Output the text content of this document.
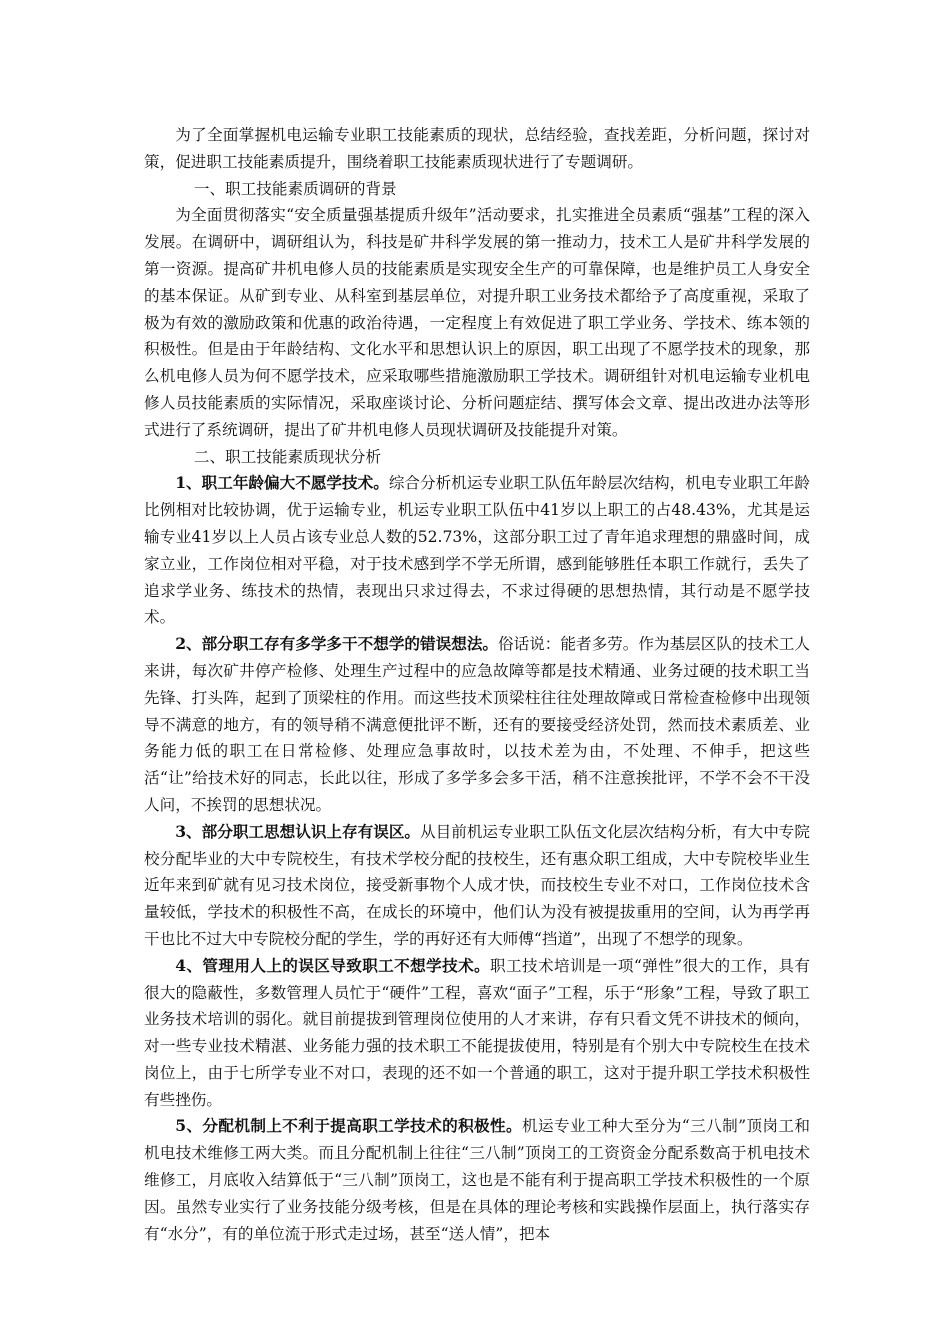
为了全面掌握机电运输专业职工技能素质的现状，总结经验，查找差距，分析问题，探讨对策，促进职工技能素质提升，围绕着职工技能素质现状进行了专题调研。

一、职工技能素质调研的背景

为全面贯彻落实“安全质量强基提质升级年”活动要求，扎实推进全员素质“强基”工程的深入发展。在调研中，调研组认为，科技是矿井科学发展的第一推动力，技术工人是矿井科学发展的第一资源。提高矿井机电修人员的技能素质是实现安全生产的可靠保障，也是维护员工人身安全的基本保证。从矿到专业、从科室到基层单位，对提升职工业务技术都给予了高度重视，采取了极为有效的激励政策和优惠的政治待遇，一定程度上有效促进了职工学业务、学技术、练本领的积极性。但是由于年龄结构、文化水平和思想认识上的原因，职工出现了不愿学技术的现象，那么机电修人员为何不愿学技术，应采取哪些措施激励职工学技术。调研组针对机电运输专业机电修人员技能素质的实际情况，采取座谈讨论、分析问题症结、撰写体会文章、提出改进办法等形式进行了系统调研，提出了矿井机电修人员现状调研及技能提升对策。

二、职工技能素质现状分析

1、职工年龄偏大不愿学技术。综合分析机运专业职工队伍年龄层次结构，机电专业职工年龄比例相对比较协调，优于运输专业，机运专业职工队伍中41岁以上职工的占48.43%，尤其是运输专业41岁以上人员占该专业总人数的52.73%，这部分职工过了青年追求理想的鼎盛时间，成家立业，工作岗位相对平稳，对于技术感到学不学无所谓，感到能够胜任本职工作就行，丢失了追求学业务、练技术的热情，表现出只求过得去，不求过得硬的思想热情，其行动是不愿学技术。

2、部分职工存有多学多干不想学的错误想法。俗话说：能者多劳。作为基层区队的技术工人来讲，每次矿井停产检修、处理生产过程中的应急故障等都是技术精通、业务过硬的技术职工当先锋、打头阵，起到了顶梁柱的作用。而这些技术顶梁柱往往处理故障或日常检查检修中出现领导不满意的地方，有的领导稍不满意便批评不断，还有的要接受经济处罚，然而技术素质差、业务能力低的职工在日常检修、处理应急事故时，以技术差为由，不处理、不伸手，把这些活“让”给技术好的同志，长此以往，形成了多学多会多干活，稍不注意挨批评，不学不会不干没人问，不挨罚的思想状况。

3、部分职工思想认识上存有误区。从目前机运专业职工队伍文化层次结构分析，有大中专院校分配毕业的大中专院校生，有技术学校分配的技校生，还有惠众职工组成，大中专院校毕业生近年来到矿就有见习技术岗位，接受新事物个人成才快，而技校生专业不对口，工作岗位技术含量较低，学技术的积极性不高，在成长的环境中，他们认为没有被提拔重用的空间，认为再学再干也比不过大中专院校分配的学生，学的再好还有大师傅“挡道”，出现了不想学的现象。

4、管理用人上的误区导致职工不想学技术。职工技术培训是一项“弹性”很大的工作，具有很大的隐蔽性，多数管理人员忙于“硬件”工程，喜欢“面子”工程，乐于“形象”工程，导致了职工业务技术培训的弱化。就目前提拔到管理岗位使用的人才来讲，存有只看文凭不讲技术的倾向，对一些专业技术精湛、业务能力强的技术职工不能提拔使用，特别是有个别大中专院校生在技术岗位上，由于七所学专业不对口，表现的还不如一个普通的职工，这对于提升职工学技术积极性有些挫伤。

5、分配机制上不利于提高职工学技术的积极性。机运专业工种大至分为“三八制”顶岗工和机电技术维修工两大类。而且分配机制上往往“三八制”顶岗工的工资资金分配系数高于机电技术维修工，月底收入结算低于“三八制”顶岗工，这也是不能有利于提高职工学技术积极性的一个原因。虽然专业实行了业务技能分级考核，但是在具体的理论考核和实践操作层面上，执行落实存有“水分”，有的单位流于形式走过场，甚至“送人情”，把本
